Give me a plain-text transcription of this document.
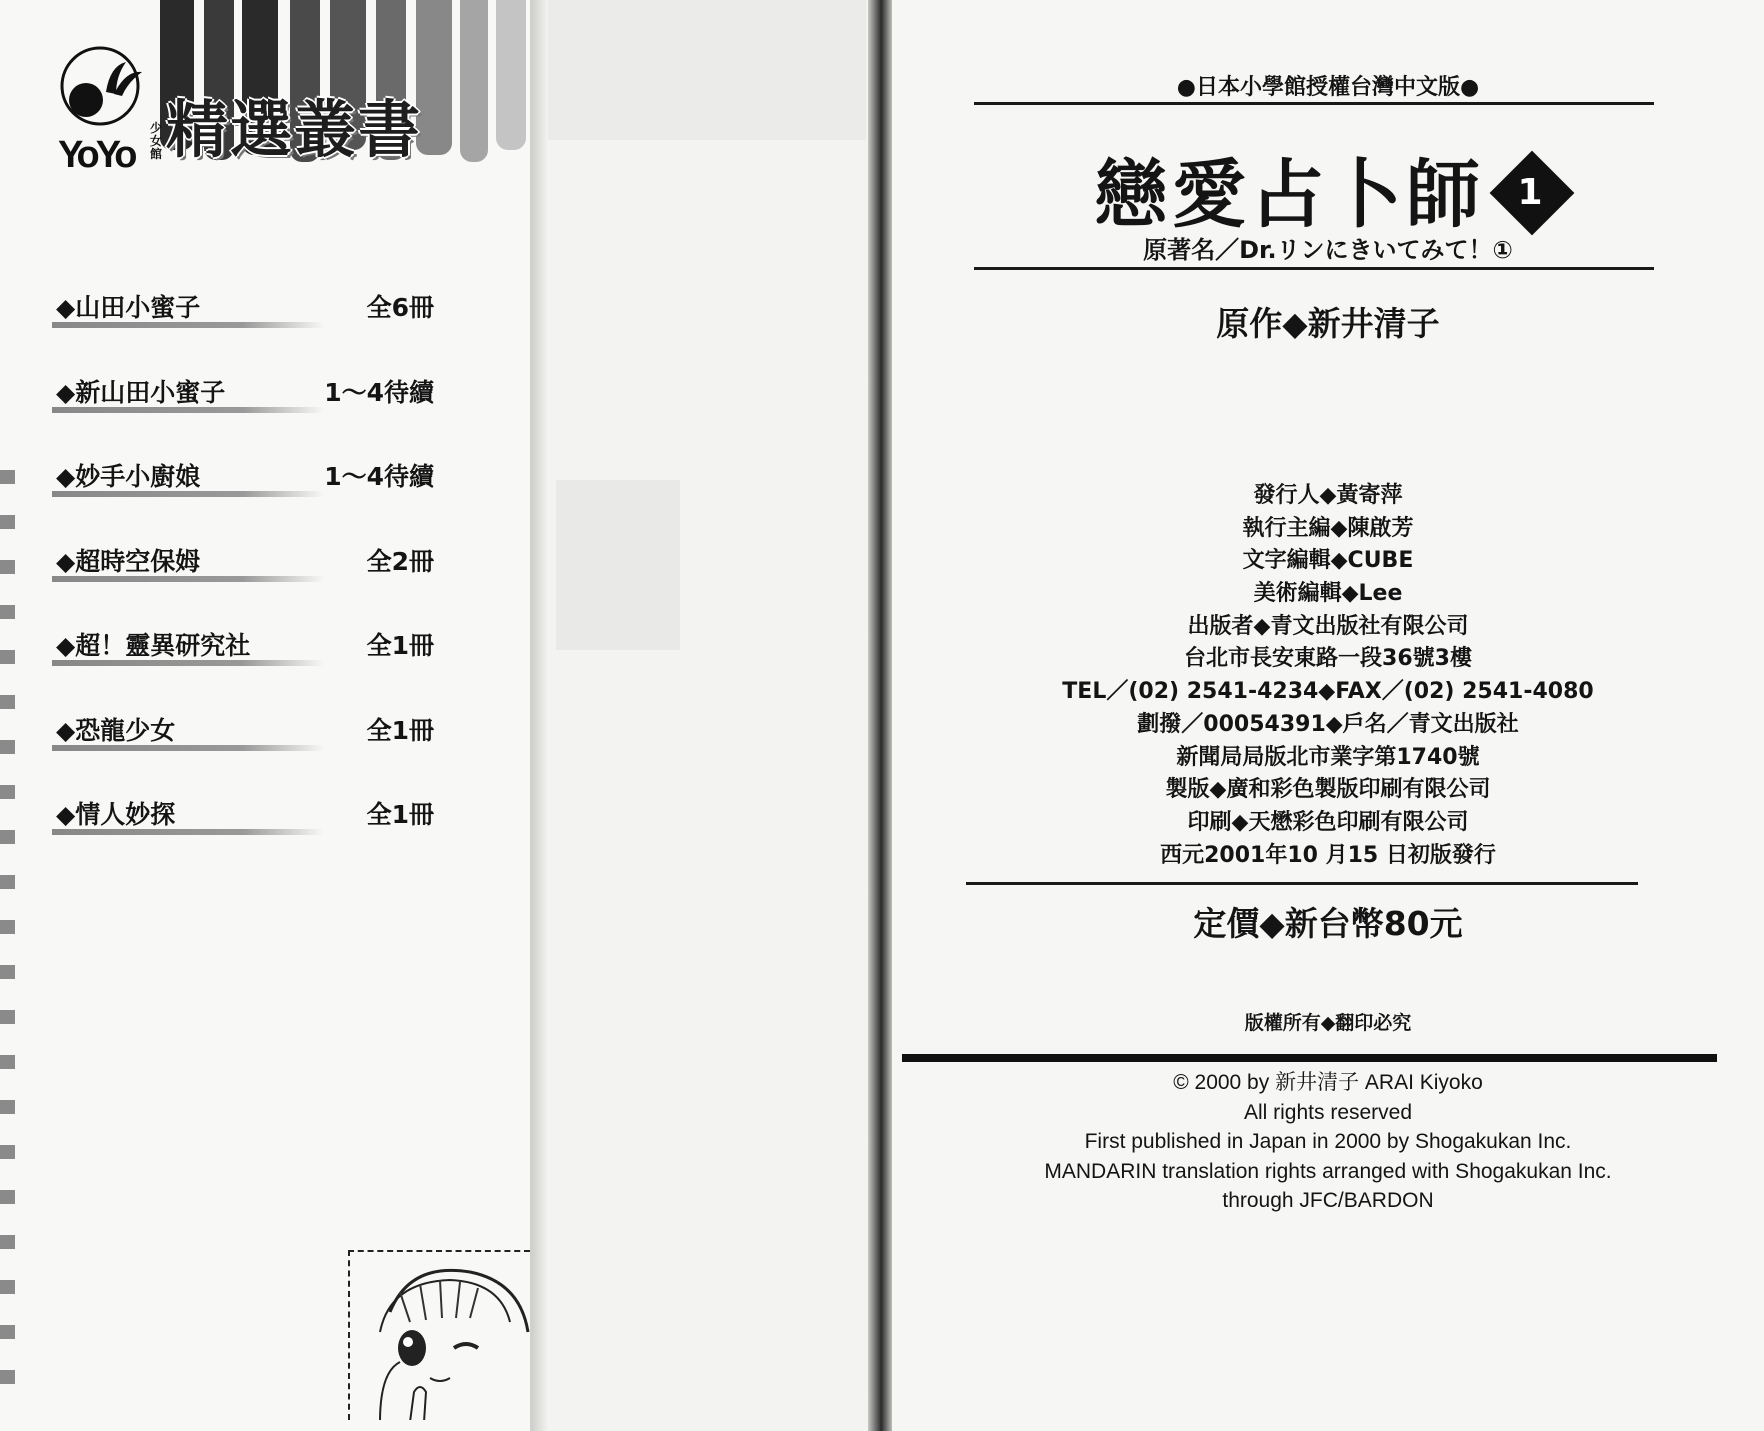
精選叢書
YoYo
少女館
◆山田小蜜子	全6冊
◆新山田小蜜子	1～4待續
◆妙手小廚娘	1～4待續
◆超時空保姆	全2冊
◆超！靈異研究社	全1冊
◆恐龍少女	全1冊
◆情人妙探	全1冊
●日本小學館授權台灣中文版●
戀愛占卜師 1
原著名／Dr.リンにきいてみて！①
原作◆新井清子
發行人◆黃寄萍
執行主編◆陳啟芳
文字編輯◆CUBE
美術編輯◆Lee
出版者◆青文出版社有限公司
台北市長安東路一段36號3樓
TEL／(02) 2541-4234◆FAX／(02) 2541-4080
劃撥／00054391◆戶名／青文出版社
新聞局局版北市業字第1740號
製版◆廣和彩色製版印刷有限公司
印刷◆天懋彩色印刷有限公司
西元2001年10 月15 日初版發行
定價◆新台幣80元
版權所有◆翻印必究
© 2000 by 新井清子 ARAI Kiyoko
All rights reserved
First published in Japan in 2000 by Shogakukan Inc.
MANDARIN translation rights arranged with Shogakukan Inc.
through JFC/BARDON
